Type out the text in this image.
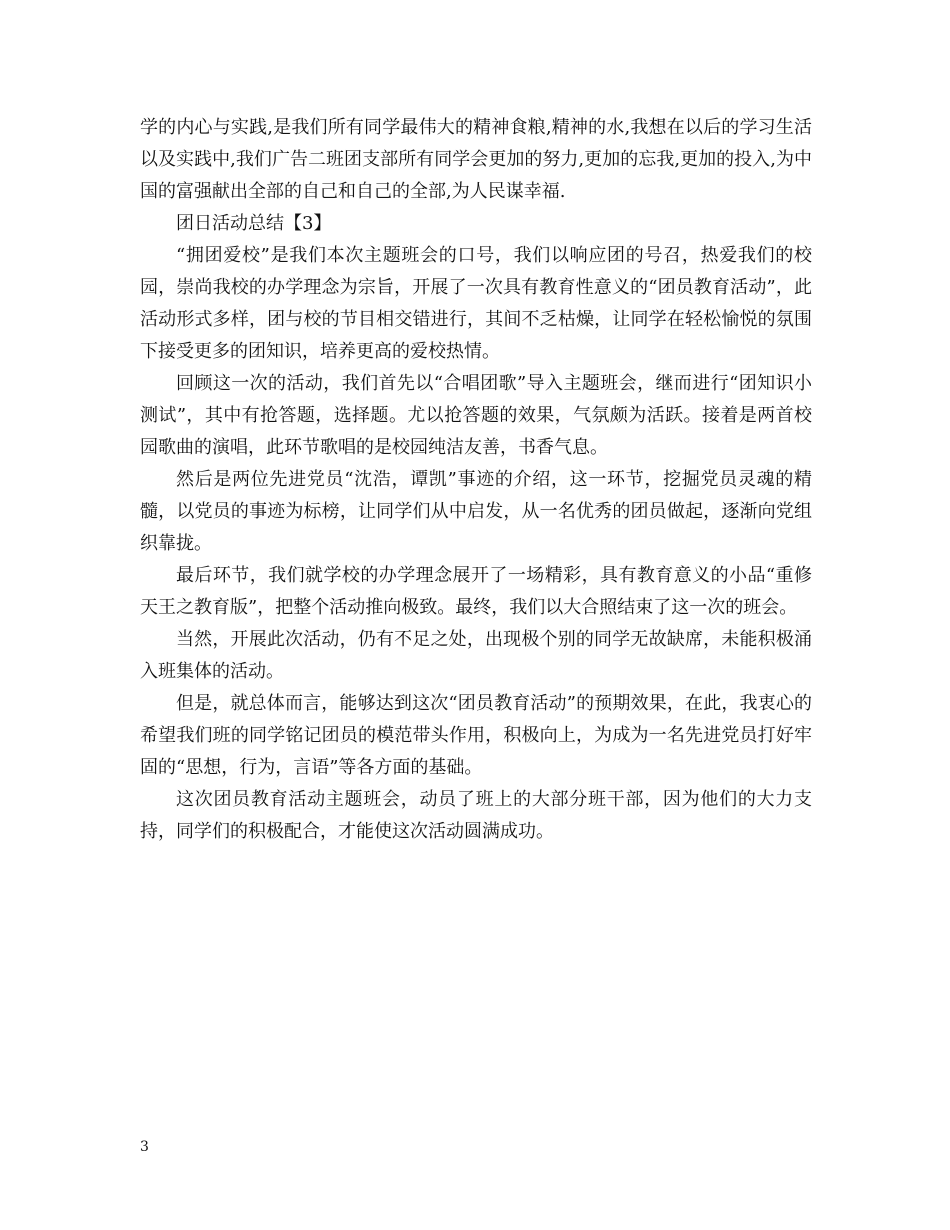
学的内心与实践,是我们所有同学最伟大的精神食粮,精神的水,我想在以后的学习生活以及实践中,我们广告二班团支部所有同学会更加的努力,更加的忘我,更加的投入,为中国的富强献出全部的自己和自己的全部,为人民谋幸福.

团日活动总结【3】

“拥团爱校”是我们本次主题班会的口号，我们以响应团的号召，热爱我们的校园，崇尚我校的办学理念为宗旨，开展了一次具有教育性意义的“团员教育活动”，此活动形式多样，团与校的节目相交错进行，其间不乏枯燥，让同学在轻松愉悦的氛围下接受更多的团知识，培养更高的爱校热情。

回顾这一次的活动，我们首先以“合唱团歌”导入主题班会，继而进行“团知识小测试”，其中有抢答题，选择题。尤以抢答题的效果，气氛颇为活跃。接着是两首校园歌曲的演唱，此环节歌唱的是校园纯洁友善，书香气息。

然后是两位先进党员“沈浩，谭凯”事迹的介绍，这一环节，挖掘党员灵魂的精髓，以党员的事迹为标榜，让同学们从中启发，从一名优秀的团员做起，逐渐向党组织靠拢。

最后环节，我们就学校的办学理念展开了一场精彩，具有教育意义的小品“重修天王之教育版”，把整个活动推向极致。最终，我们以大合照结束了这一次的班会。

当然，开展此次活动，仍有不足之处，出现极个别的同学无故缺席，未能积极涌入班集体的活动。

但是，就总体而言，能够达到这次“团员教育活动”的预期效果，在此，我衷心的希望我们班的同学铭记团员的模范带头作用，积极向上，为成为一名先进党员打好牢固的“思想，行为，言语”等各方面的基础。

这次团员教育活动主题班会，动员了班上的大部分班干部，因为他们的大力支持，同学们的积极配合，才能使这次活动圆满成功。

3
